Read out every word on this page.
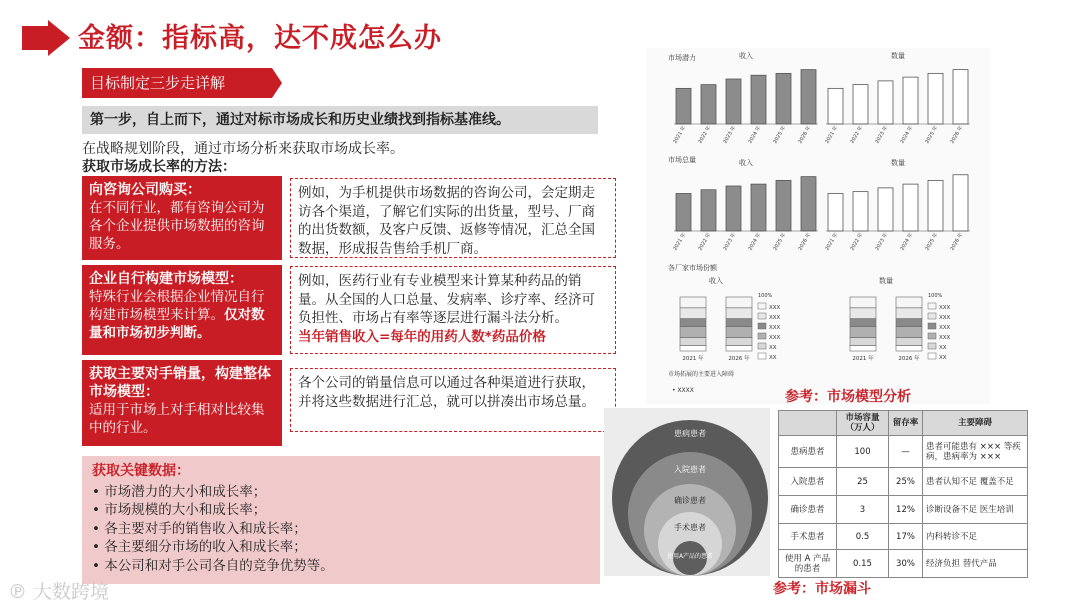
金额：指标高，达不成怎么办
目标制定三步走详解
第一步，自上而下，通过对标市场成长和历史业绩找到指标基准线。
在战略规划阶段，通过市场分析来获取市场成长率。
获取市场成长率的方法：
向咨询公司购买：
在不同行业，都有咨询公司为各个企业提供市场数据的咨询服务。
例如，为手机提供市场数据的咨询公司，会定期走访各个渠道，了解它们实际的出货量，型号、厂商的出货数额，及客户反馈、返修等情况，汇总全国数据，形成报告售给手机厂商。
企业自行构建市场模型：
特殊行业会根据企业情况自行构建市场模型来计算。仅对数量和市场初步判断。
例如，医药行业有专业模型来计算某种药品的销量。从全国的人口总量、发病率、诊疗率、经济可负担性、市场占有率等逐层进行漏斗法分析。
当年销售收入=每年的用药人数*药品价格
获取主要对手销量，构建整体市场模型：
适用于市场上对手相对比较集中的行业。
各个公司的销量信息可以通过各种渠道进行获取，并将这些数据进行汇总，就可以拼凑出市场总量。
获取关键数据：
• 市场潜力的大小和成长率；
• 市场规模的大小和成长率；
• 各主要对手的销售收入和成长率；
• 各主要细分市场的收入和成长率；
• 本公司和对手公司各自的竞争优势等。
市场潜力
市场总量
各厂家市场份额
收入
2021 年 2022 年 2023 年 2024 年 2025 年 2026 年
数量
2021 年 2022 年 2023 年 2024 年 2025 年 2026 年
收入
2021 年 2022 年 2023 年 2024 年 2025 年 2026 年
数量
2021 年 2022 年 2023 年 2024 年 2025 年 2026 年
收入
100%
2021 年	2026 年
XXX
XXX
XXX
XXX
XX
XX
数量
100%
2021 年	2026 年
XXX
XXX
XXX
XXX
XX
XX
市场拓展的主要进入障碍
• XXXX	参考：市场模型分析
患病患者
入院患者
确诊患者
手术患者
使用A产品的患者
	市场容量（万人）	留存率	主要障碍
患病患者	100	—	患者可能患有 ××× 等疾病，患病率为 ×××
入院患者	25	25%	患者认知不足 覆盖不足
确诊患者	3	12%	诊断设备不足 医生培训
手术患者	0.5	17%	内科转诊不足
使用 A 产品的患者	0.15	30%	经济负担 替代产品
参考：市场漏斗
℗ 大数跨境
